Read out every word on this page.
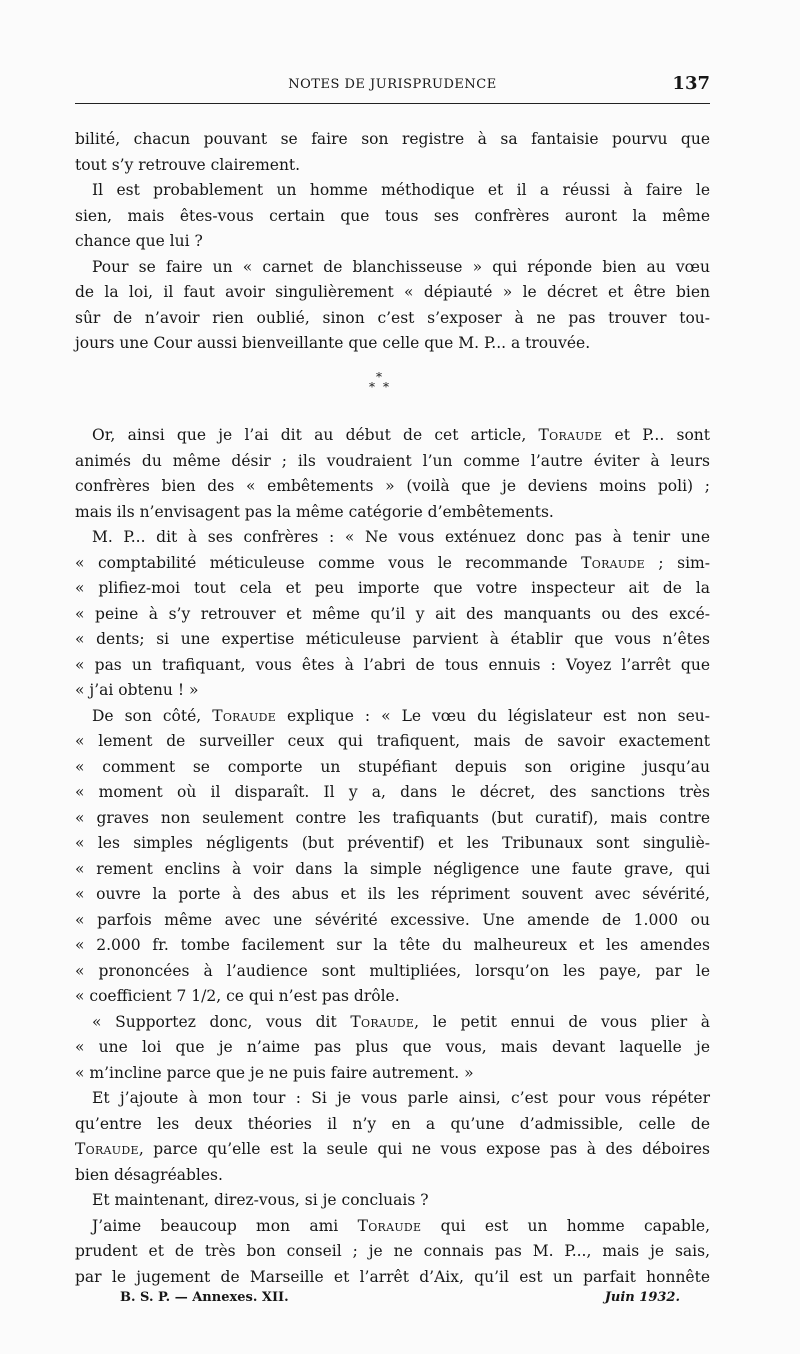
NOTES DE JURISPRUDENCE	137
bilité, chacun pouvant se faire son registre à sa fantaisie pourvu que
tout s’y retrouve clairement.
Il est probablement un homme méthodique et il a réussi à faire le
sien, mais êtes-vous certain que tous ses confrères auront la même
chance que lui ?
Pour se faire un « carnet de blanchisseuse » qui réponde bien au vœu
de la loi, il faut avoir singulièrement « dépiauté » le décret et être bien
sûr de n’avoir rien oublié, sinon c’est s’exposer à ne pas trouver tou-
jours une Cour aussi bienveillante que celle que M. P... a trouvée.
*
* *
Or, ainsi que je l’ai dit au début de cet article, Toraude et P... sont
animés du même désir ; ils voudraient l’un comme l’autre éviter à leurs
confrères bien des « embêtements » (voilà que je deviens moins poli) ;
mais ils n’envisagent pas la même catégorie d’embêtements.
M. P... dit à ses confrères : « Ne vous exténuez donc pas à tenir une
« comptabilité méticuleuse comme vous le recommande Toraude ; sim-
« plifiez-moi tout cela et peu importe que votre inspecteur ait de la
« peine à s’y retrouver et même qu’il y ait des manquants ou des excé-
« dents; si une expertise méticuleuse parvient à établir que vous n’êtes
« pas un trafiquant, vous êtes à l’abri de tous ennuis : Voyez l’arrêt que
« j’ai obtenu ! »
De son côté, Toraude explique : « Le vœu du législateur est non seu-
« lement de surveiller ceux qui trafiquent, mais de savoir exactement
« comment se comporte un stupéfiant depuis son origine jusqu’au
« moment où il disparaît. Il y a, dans le décret, des sanctions très
« graves non seulement contre les trafiquants (but curatif), mais contre
« les simples négligents (but préventif) et les Tribunaux sont singuliè-
« rement enclins à voir dans la simple négligence une faute grave, qui
« ouvre la porte à des abus et ils les répriment souvent avec sévérité,
« parfois même avec une sévérité excessive. Une amende de 1.000 ou
« 2.000 fr. tombe facilement sur la tête du malheureux et les amendes
« prononcées à l’audience sont multipliées, lorsqu’on les paye, par le
« coefficient 7 1/2, ce qui n’est pas drôle.
« Supportez donc, vous dit Toraude, le petit ennui de vous plier à
« une loi que je n’aime pas plus que vous, mais devant laquelle je
« m’incline parce que je ne puis faire autrement. »
Et j’ajoute à mon tour : Si je vous parle ainsi, c’est pour vous répéter
qu’entre les deux théories il n’y en a qu’une d’admissible, celle de
Toraude, parce qu’elle est la seule qui ne vous expose pas à des déboires
bien désagréables.
Et maintenant, direz-vous, si je concluais ?
J’aime beaucoup mon ami Toraude qui est un homme capable,
prudent et de très bon conseil ; je ne connais pas M. P..., mais je sais,
par le jugement de Marseille et l’arrêt d’Aix, qu’il est un parfait honnête
B. S. P. — Annexes. XII.	Juin 1932.
